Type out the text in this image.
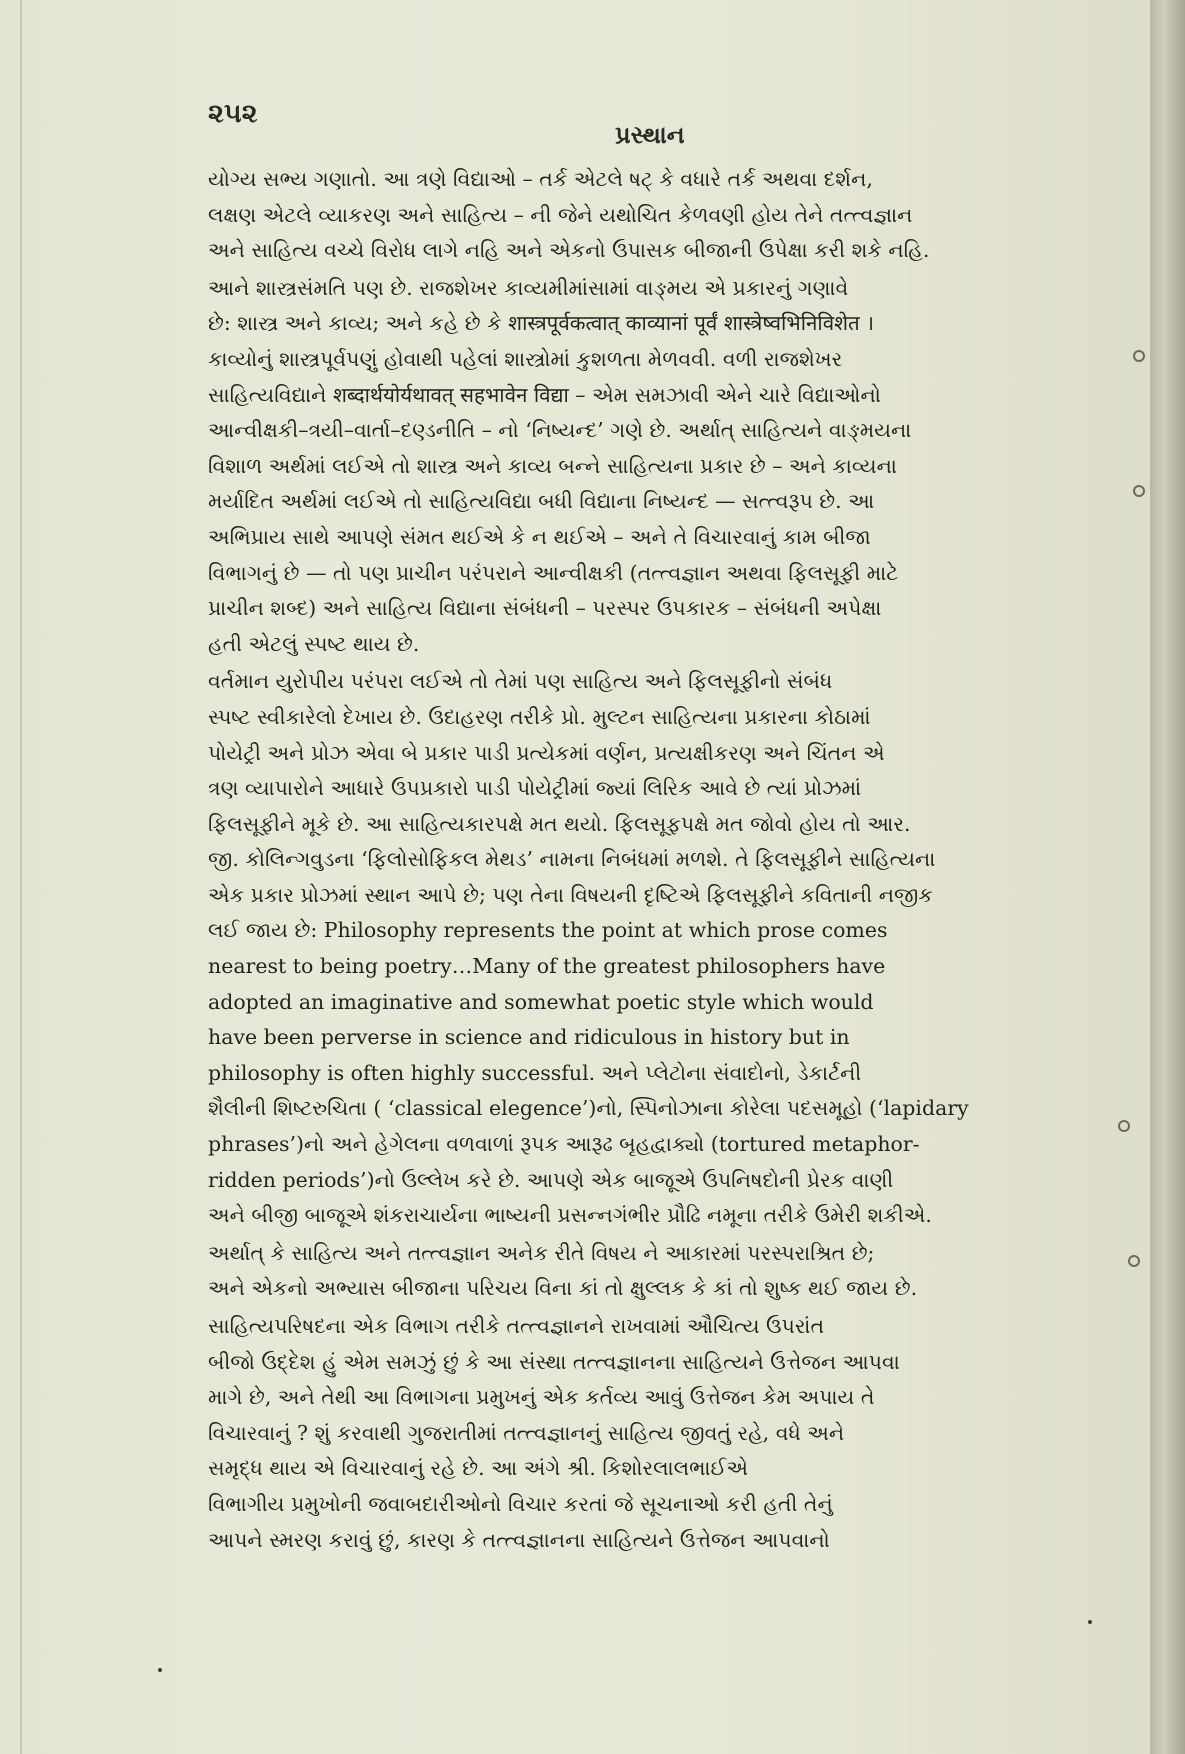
૨૫૨
પ્રસ્થાન

યોગ્ય સભ્ય ગણાતો. આ ત્રણે વિદ્યાઓ – તર્ક એટલે ષટ્ કે વધારે તર્ક અથવા દર્શન,
લક્ષણ એટલે વ્યાકરણ અને સાહિત્ય – ની જેને યથોચિત કેળવણી હોય તેને તત્ત્વજ્ઞાન
અને સાહિત્ય વચ્ચે વિરોધ લાગે નહિ અને એકનો ઉપાસક બીજાની ઉપેક્ષા કરી શકે નહિ.

આને શાસ્ત્રસંમતિ પણ છે. રાજશેખર કાવ્યમીમાંસામાં વાઙ્મય એ પ્રકારનું ગણાવે
છે: શાસ્ત્ર અને કાવ્ય; અને કહે છે કે शास्त्रपूर्वकत्वात् काव्यानां पूर्वं शास्त्रेष्वभिनिविशेत ।
કાવ્યોનું શાસ્ત્રપૂર્વપણું હોવાથી પહેલાં શાસ્ત્રોમાં કુશળતા મેળવવી. વળી રાજશેખર
સાહિત્યવિદ્યાને शब्दार्थयोर्यथावत् सहभावेन विद्या – એમ સમઝાવી એને ચારે વિદ્યાઓનો
આન્વીક્ષકી–ત્રયી–વાર્તા–દણ્ડનીતિ – નો ‘નિષ્યન્દ’ ગણે છે. અર્થાત્ સાહિત્યને વાઙ્મયના
વિશાળ અર્થમાં લઈએ તો શાસ્ત્ર અને કાવ્ય બન્ને સાહિત્યના પ્રકાર છે – અને કાવ્યના
મર્યાદિત અર્થમાં લઈએ તો સાહિત્યવિદ્યા બધી વિદ્યાના નિષ્યન્દ — સત્ત્વરૂપ છે. આ
અભિપ્રાય સાથે આપણે સંમત થઈએ કે ન થઈએ – અને તે વિચારવાનું કામ બીજા
વિભાગનું છે — તો પણ પ્રાચીન પરંપરાને આન્વીક્ષકી (તત્ત્વજ્ઞાન અથવા ફિલસૂફી માટે
પ્રાચીન શબ્દ) અને સાહિત્ય વિદ્યાના સંબંધની – પરસ્પર ઉપકારક – સંબંધની અપેક્ષા
હતી એટલું સ્પષ્ટ થાય છે.

વર્તમાન યુરોપીય પરંપરા લઈએ તો તેમાં પણ સાહિત્ય અને ફિલસૂફીનો સંબંધ
સ્પષ્ટ સ્વીકારેલો દેખાય છે. ઉદાહરણ તરીકે પ્રો. મુલ્ટન સાહિત્યના પ્રકારના કોઠામાં
પોયેટ્રી અને પ્રોઝ એવા બે પ્રકાર પાડી પ્રત્યેકમાં વર્ણન, પ્રત્યક્ષીકરણ અને ચિંતન એ
ત્રણ વ્યાપારોને આધારે ઉપપ્રકારો પાડી પોયેટ્રીમાં જ્યાં લિરિક આવે છે ત્યાં પ્રોઝમાં
ફિલસૂફીને મૂકે છે. આ સાહિત્યકારપક્ષે મત થયો. ફિલસૂફપક્ષે મત જોવો હોય તો આર.
જી. કોલિન્ગવુડના ‘ફિલોસોફિકલ મેથડ’ નામના નિબંધમાં મળશે. તે ફિલસૂફીને સાહિત્યના
એક પ્રકાર પ્રોઝમાં સ્થાન આપે છે; પણ તેના વિષયની દૃષ્ટિએ ફિલસૂફીને કવિતાની નજીક
લઈ જાય છે: Philosophy represents the point at which prose comes
nearest to being poetry…Many of the greatest philosophers have
adopted an imaginative and somewhat poetic style which would
have been perverse in science and ridiculous in history but in
philosophy is often highly successful. અને પ્લેટોના સંવાદોનો, ડેકાર્ટની
શૈલીની શિષ્ટરુચિતા ( ‘classical elegence’)નો, સ્પિનોઝાના કોરેલા પદસમૂહો (‘lapidary
phrases’)નો અને હેગેલના વળવાળાં રૂપક આરૂઢ બૃહદ્વાક્યો (tortured metaphor-
ridden periods’)નો ઉલ્લેખ કરે છે. આપણે એક બાજૂએ ઉપનિષદોની પ્રેરક વાણી
અને બીજી બાજૂએ શંકરાચાર્યના ભાષ્યની પ્રસન્નગંભીર પ્રૌઢિ નમૂના તરીકે ઉમેરી શકીએ.

અર્થાત્ કે સાહિત્ય અને તત્ત્વજ્ઞાન અનેક રીતે વિષય ને આકારમાં પરસ્પરાશ્રિત છે;
અને એકનો અભ્યાસ બીજાના પરિચય વિના કાં તો ક્ષુલ્લક કે કાં તો શુષ્ક થઈ જાય છે.

સાહિત્યપરિષદના એક વિભાગ તરીકે તત્ત્વજ્ઞાનને રાખવામાં ઔચિત્ય ઉપરાંત
બીજો ઉદ્દેશ હું એમ સમઝું છું કે આ સંસ્થા તત્ત્વજ્ઞાનના સાહિત્યને ઉત્તેજન આપવા
માગે છે, અને તેથી આ વિભાગના પ્રમુખનું એક કર્તવ્ય આવું ઉત્તેજન કેમ અપાય તે
વિચારવાનું ? શું કરવાથી ગુજરાતીમાં તત્ત્વજ્ઞાનનું સાહિત્ય જીવતું રહે, વધે અને
સમૃદ્ધ થાય એ વિચારવાનું રહે છે. આ અંગે શ્રી. કિશોરલાલભાઈએ
વિભાગીય પ્રમુખોની જવાબદારીઓનો વિચાર કરતાં જે સૂચનાઓ કરી હતી તેનું
આપને સ્મરણ કરાવું છું, કારણ કે તત્ત્વજ્ઞાનના સાહિત્યને ઉત્તેજન આપવાનો
